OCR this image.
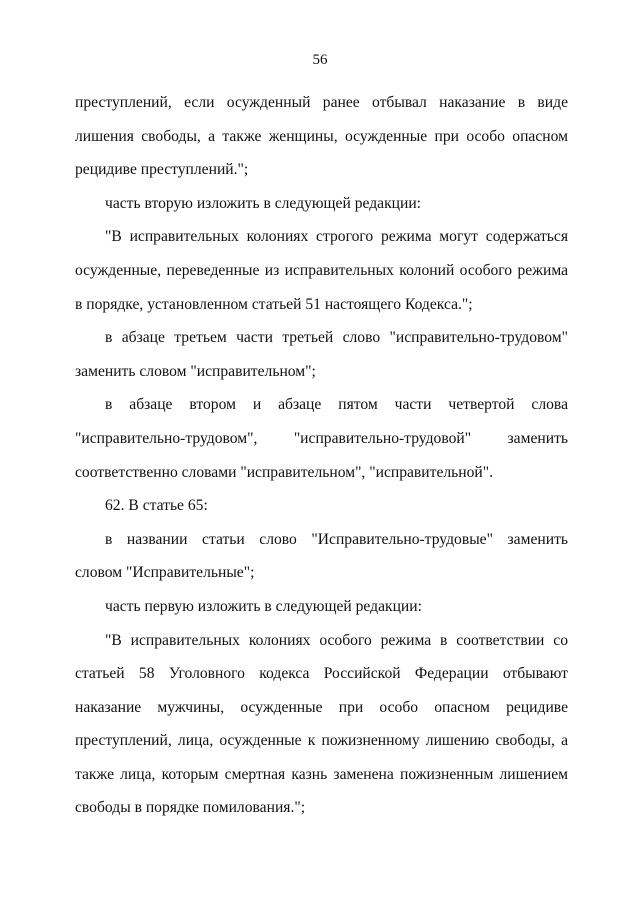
56
преступлений, если осужденный ранее отбывал наказание в виде
лишения свободы, а также женщины, осужденные при особо опасном
рецидиве преступлений.";
часть вторую изложить в следующей редакции:
"В исправительных колониях строгого режима могут содержаться
осужденные, переведенные из исправительных колоний особого режима
в порядке, установленном статьей 51 настоящего Кодекса.";
в абзаце третьем части третьей слово "исправительно-трудовом"
заменить словом "исправительном";
в абзаце втором и абзаце пятом части четвертой слова
"исправительно-трудовом", "исправительно-трудовой" заменить
соответственно словами "исправительном", "исправительной".
62. В статье 65:
в названии статьи слово "Исправительно-трудовые" заменить
словом "Исправительные";
часть первую изложить в следующей редакции:
"В исправительных колониях особого режима в соответствии со
статьей 58 Уголовного кодекса Российской Федерации отбывают
наказание мужчины, осужденные при особо опасном рецидиве
преступлений, лица, осужденные к пожизненному лишению свободы, а
также лица, которым смертная казнь заменена пожизненным лишением
свободы в порядке помилования.";
